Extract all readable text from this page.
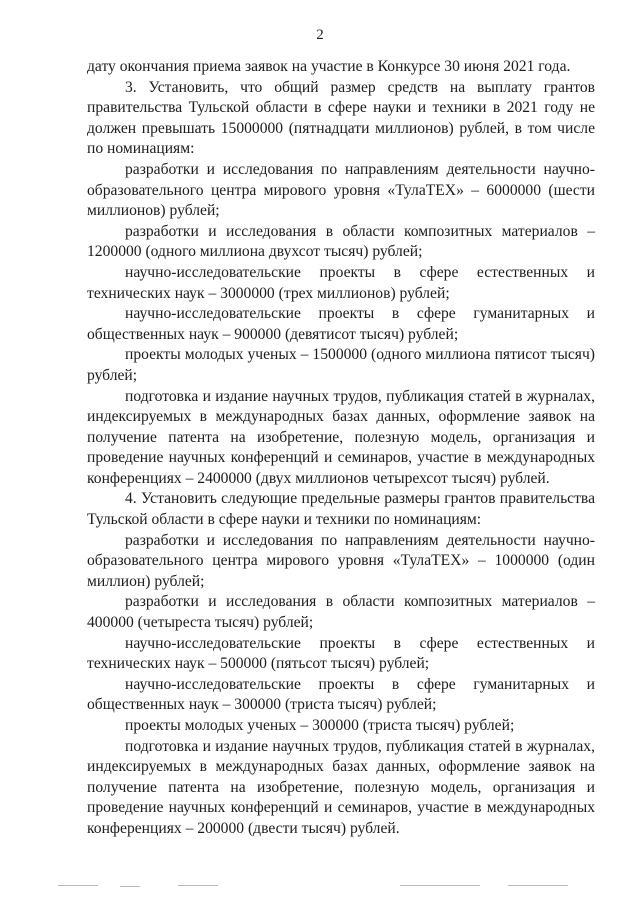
2

дату окончания приема заявок на участие в Конкурсе 30 июня 2021 года.

3. Установить, что общий размер средств на выплату грантов правительства Тульской области в сфере науки и техники в 2021 году не должен превышать 15000000 (пятнадцати миллионов) рублей, в том числе по номинациям:

разработки и исследования по направлениям деятельности научно-образовательного центра мирового уровня «ТулаТЕХ» – 6000000 (шести миллионов) рублей;

разработки и исследования в области композитных материалов – 1200000 (одного миллиона двухсот тысяч) рублей;

научно-исследовательские проекты в сфере естественных и технических наук – 3000000 (трех миллионов) рублей;

научно-исследовательские проекты в сфере гуманитарных и общественных наук – 900000 (девятисот тысяч) рублей;

проекты молодых ученых – 1500000 (одного миллиона пятисот тысяч) рублей;

подготовка и издание научных трудов, публикация статей в журналах, индексируемых в международных базах данных, оформление заявок на получение патента на изобретение, полезную модель, организация и проведение научных конференций и семинаров, участие в международных конференциях – 2400000 (двух миллионов четырехсот тысяч) рублей.

4. Установить следующие предельные размеры грантов правительства Тульской области в сфере науки и техники по номинациям:

разработки и исследования по направлениям деятельности научно-образовательного центра мирового уровня «ТулаТЕХ» – 1000000 (один миллион) рублей;

разработки и исследования в области композитных материалов – 400000 (четыреста тысяч) рублей;

научно-исследовательские проекты в сфере естественных и технических наук – 500000 (пятьсот тысяч) рублей;

научно-исследовательские проекты в сфере гуманитарных и общественных наук – 300000 (триста тысяч) рублей;

проекты молодых ученых – 300000 (триста тысяч) рублей;

подготовка и издание научных трудов, публикация статей в журналах, индексируемых в международных базах данных, оформление заявок на получение патента на изобретение, полезную модель, организация и проведение научных конференций и семинаров, участие в международных конференциях – 200000 (двести тысяч) рублей.
